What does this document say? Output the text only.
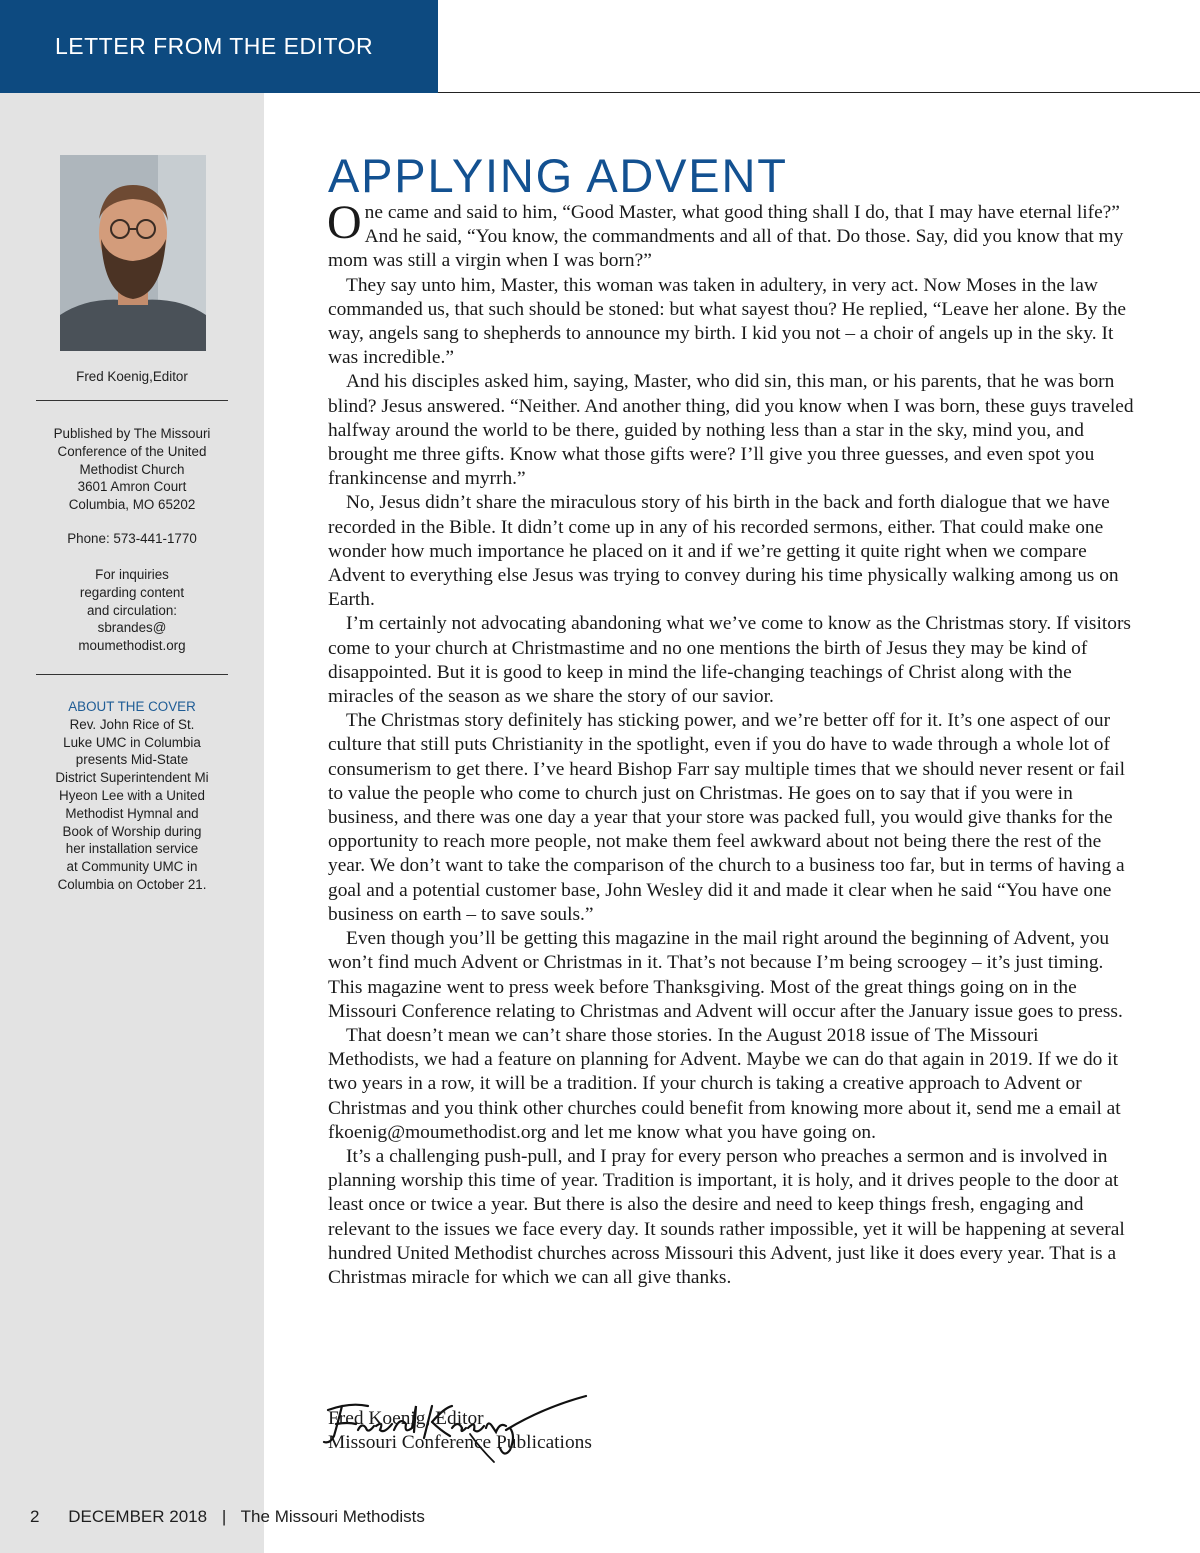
LETTER FROM THE EDITOR
Fred Koenig,Editor
Published by The Missouri
Conference of the United
Methodist Church
3601 Amron Court
Columbia, MO 65202
Phone: 573-441-1770
For inquiries
regarding content
and circulation:
sbrandes@
moumethodist.org
ABOUT THE COVER
Rev. John Rice of St.
Luke UMC in Columbia
presents Mid-State
District Superintendent Mi
Hyeon Lee with a United
Methodist Hymnal and
Book of Worship during
her installation service
at Community UMC in
Columbia on October 21.
APPLYING ADVENT

One came and said to him, “Good Master, what good thing shall I do, that I may have eternal life?” And he said, “You know, the commandments and all of that. Do those. Say, did you know that my mom was still a virgin when I was born?”

They say unto him, Master, this woman was taken in adultery, in very act. Now Moses in the law commanded us, that such should be stoned: but what sayest thou? He replied, “Leave her alone. By the way, angels sang to shepherds to announce my birth. I kid you not – a choir of angels up in the sky. It was incredible.”

And his disciples asked him, saying, Master, who did sin, this man, or his parents, that he was born blind? Jesus answered. “Neither. And another thing, did you know when I was born, these guys traveled halfway around the world to be there, guided by nothing less than a star in the sky, mind you, and brought me three gifts. Know what those gifts were? I’ll give you three guesses, and even spot you frankincense and myrrh.”

No, Jesus didn’t share the miraculous story of his birth in the back and forth dialogue that we have recorded in the Bible. It didn’t come up in any of his recorded sermons, either. That could make one wonder how much importance he placed on it and if we’re getting it quite right when we compare Advent to everything else Jesus was trying to convey during his time physically walking among us on Earth.

I’m certainly not advocating abandoning what we’ve come to know as the Christmas story. If visitors come to your church at Christmastime and no one mentions the birth of Jesus they may be kind of disappointed. But it is good to keep in mind the life-changing teachings of Christ along with the miracles of the season as we share the story of our savior.

The Christmas story definitely has sticking power, and we’re better off for it. It’s one aspect of our culture that still puts Christianity in the spotlight, even if you do have to wade through a whole lot of consumerism to get there. I’ve heard Bishop Farr say multiple times that we should never resent or fail to value the people who come to church just on Christmas. He goes on to say that if you were in business, and there was one day a year that your store was packed full, you would give thanks for the opportunity to reach more people, not make them feel awkward about not being there the rest of the year. We don’t want to take the comparison of the church to a business too far, but in terms of having a goal and a potential customer base, John Wesley did it and made it clear when he said “You have one business on earth – to save souls.”

Even though you’ll be getting this magazine in the mail right around the beginning of Advent, you won’t find much Advent or Christmas in it. That’s not because I’m being scroogey – it’s just timing. This magazine went to press week before Thanksgiving. Most of the great things going on in the Missouri Conference relating to Christmas and Advent will occur after the January issue goes to press.

That doesn’t mean we can’t share those stories. In the August 2018 issue of The Missouri Methodists, we had a feature on planning for Advent. Maybe we can do that again in 2019. If we do it two years in a row, it will be a tradition. If your church is taking a creative approach to Advent or Christmas and you think other churches could benefit from knowing more about it, send me a email at fkoenig@moumethodist.org and let me know what you have going on.

It’s a challenging push-pull, and I pray for every person who preaches a sermon and is involved in planning worship this time of year. Tradition is important, it is holy, and it drives people to the door at least once or twice a year. But there is also the desire and need to keep things fresh, engaging and relevant to the issues we face every day. It sounds rather impossible, yet it will be happening at several hundred United Methodist churches across Missouri this Advent, just like it does every year. That is a Christmas miracle for which we can all give thanks.

Fred Koenig, Editor
Missouri Conference Publications
2 DECEMBER 2018 | The Missouri Methodists
